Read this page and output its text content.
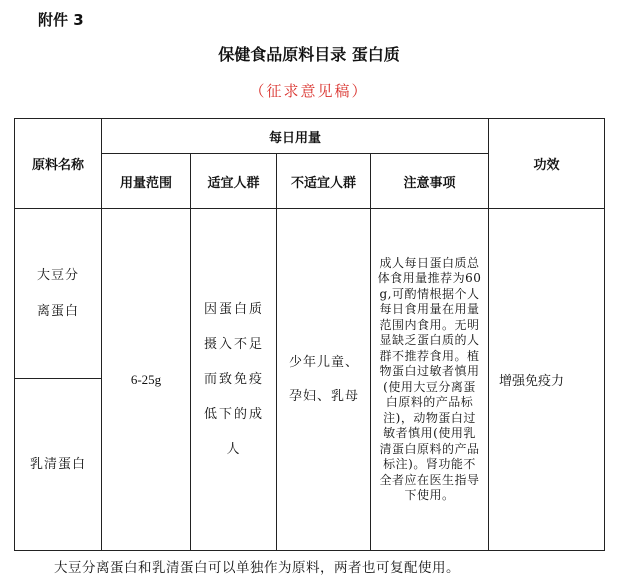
附件 3
保健食品原料目录 蛋白质
（征求意见稿）
原料名称	每日用量				功效
	用量范围	适宜人群	不适宜人群	注意事项	

大豆分离蛋白	6-25g	因蛋白质摄入不足而致免疫低下的成人	少年儿童、孕妇、乳母	成人每日蛋白质总体食用量推荐为60g,可酌情根据个人每日食用量在用量范围内食用。无明显缺乏蛋白质的人群不推荐食用。植物蛋白过敏者慎用(使用大豆分离蛋白原料的产品标注)，动物蛋白过敏者慎用(使用乳清蛋白原料的产品标注)。肾功能不全者应在医生指导下使用。	增强免疫力
乳清蛋白					
大豆分离蛋白和乳清蛋白可以单独作为原料，两者也可复配使用。
